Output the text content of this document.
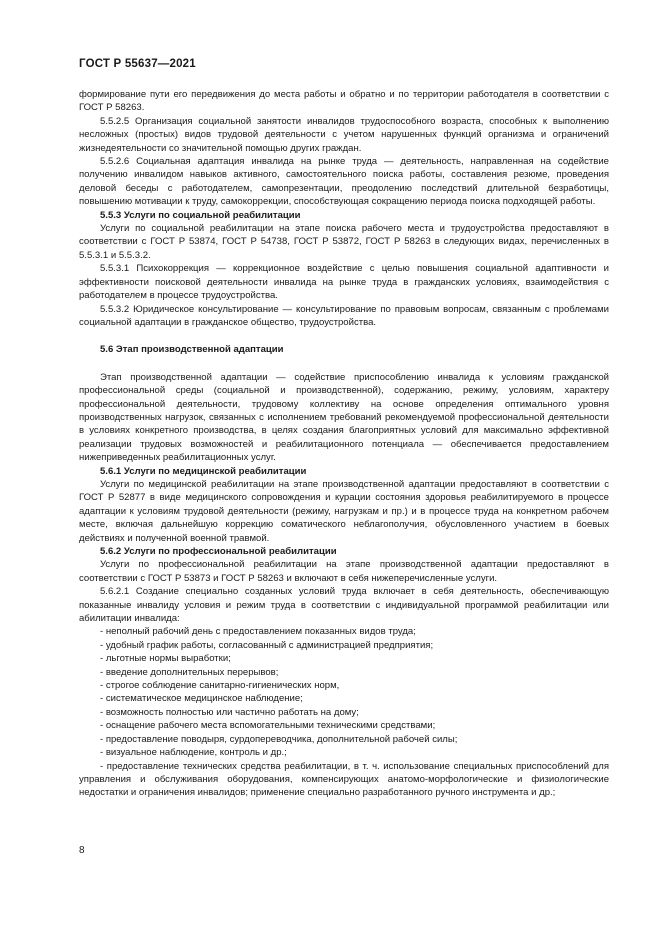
ГОСТ Р 55637—2021

формирование пути его передвижения до места работы и обратно и по территории работодателя в соответствии с ГОСТ Р 58263.

5.5.2.5 Организация социальной занятости инвалидов трудоспособного возраста, способных к выполнению несложных (простых) видов трудовой деятельности с учетом нарушенных функций организма и ограничений жизнедеятельности со значительной помощью других граждан.

5.5.2.6 Социальная адаптация инвалида на рынке труда — деятельность, направленная на содействие получению инвалидом навыков активного, самостоятельного поиска работы, составления резюме, проведения деловой беседы с работодателем, самопрезентации, преодолению последствий длительной безработицы, повышению мотивации к труду, самокоррекции, способствующая сокращению периода поиска подходящей работы.

5.5.3 Услуги по социальной реабилитации

Услуги по социальной реабилитации на этапе поиска рабочего места и трудоустройства предоставляют в соответствии с ГОСТ Р 53874, ГОСТ Р 54738, ГОСТ Р 53872, ГОСТ Р 58263 в следующих видах, перечисленных в 5.5.3.1 и 5.5.3.2.

5.5.3.1 Психокоррекция — коррекционное воздействие с целью повышения социальной адаптивности и эффективности поисковой деятельности инвалида на рынке труда в гражданских условиях, взаимодействия с работодателем в процессе трудоустройства.

5.5.3.2 Юридическое консультирование — консультирование по правовым вопросам, связанным с проблемами социальной адаптации в гражданское общество, трудоустройства.

5.6 Этап производственной адаптации

Этап производственной адаптации — содействие приспособлению инвалида к условиям гражданской профессиональной среды (социальной и производственной), содержанию, режиму, условиям, характеру профессиональной деятельности, трудовому коллективу на основе определения оптимального уровня производственных нагрузок, связанных с исполнением требований рекомендуемой профессиональной деятельности в условиях конкретного производства, в целях создания благоприятных условий для максимально эффективной реализации трудовых возможностей и реабилитационного потенциала — обеспечивается предоставлением нижеприведенных реабилитационных услуг.

5.6.1 Услуги по медицинской реабилитации

Услуги по медицинской реабилитации на этапе производственной адаптации предоставляют в соответствии с ГОСТ Р 52877 в виде медицинского сопровождения и курации состояния здоровья реабилитируемого в процессе адаптации к условиям трудовой деятельности (режиму, нагрузкам и пр.) и в процессе труда на конкретном рабочем месте, включая дальнейшую коррекцию соматического неблагополучия, обусловленного участием в боевых действиях и полученной военной травмой.

5.6.2 Услуги по профессиональной реабилитации

Услуги по профессиональной реабилитации на этапе производственной адаптации предоставляют в соответствии с ГОСТ Р 53873 и ГОСТ Р 58263 и включают в себя нижеперечисленные услуги.

5.6.2.1 Создание специально созданных условий труда включает в себя деятельность, обеспечивающую показанные инвалиду условия и режим труда в соответствии с индивидуальной программой реабилитации или абилитации инвалида:

- неполный рабочий день с предоставлением показанных видов труда;

- удобный график работы, согласованный с администрацией предприятия;

- льготные нормы выработки;

- введение дополнительных перерывов;

- строгое соблюдение санитарно-гигиенических норм,

- систематическое медицинское наблюдение;

- возможность полностью или частично работать на дому;

- оснащение рабочего места вспомогательными техническими средствами;

- предоставление поводыря, сурдопереводчика, дополнительной рабочей силы;

- визуальное наблюдение, контроль и др.;

- предоставление технических средства реабилитации, в т. ч. использование специальных приспособлений для управления и обслуживания оборудования, компенсирующих анатомо-морфологические и физиологические недостатки и ограничения инвалидов; применение специально разработанного ручного инструмента и др.;

8
